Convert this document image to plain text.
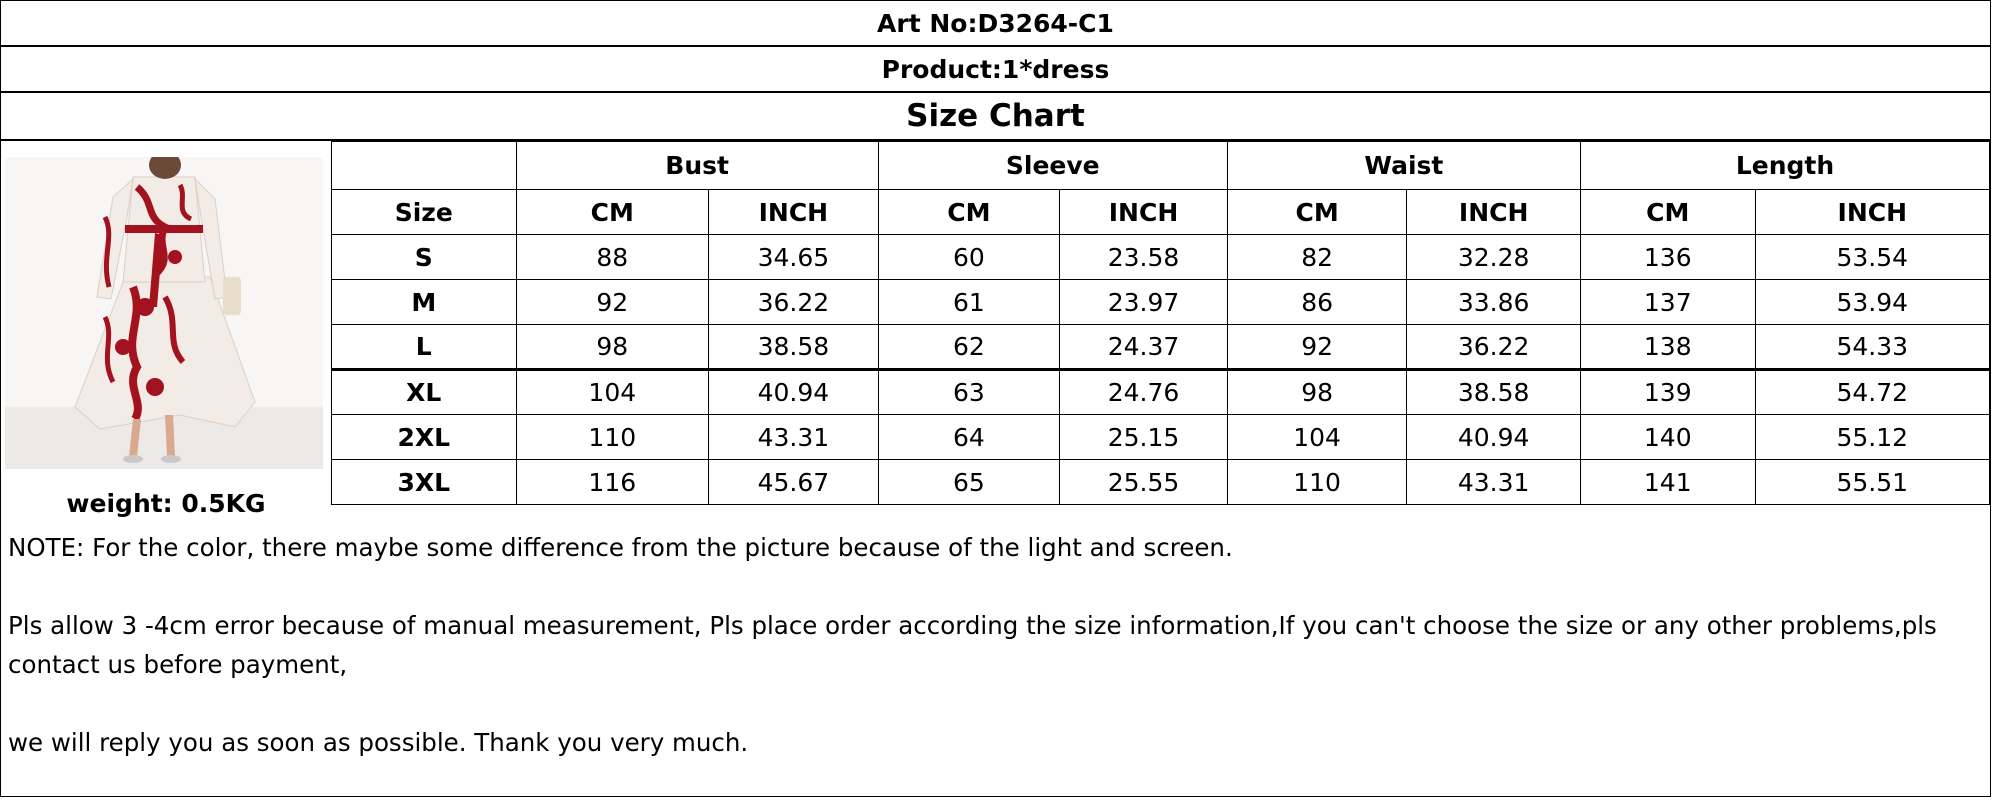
Art No:D3264-C1
Product:1*dress
Size Chart
weight: 0.5KG
	Bust		Sleeve		Waist		Length	
Size	CM	INCH	CM	INCH	CM	INCH	CM	INCH
S	88	34.65	60	23.58	82	32.28	136	53.54
M	92	36.22	61	23.97	86	33.86	137	53.94
L	98	38.58	62	24.37	92	36.22	138	54.33
XL	104	40.94	63	24.76	98	38.58	139	54.72
2XL	110	43.31	64	25.15	104	40.94	140	55.12
3XL	116	45.67	65	25.55	110	43.31	141	55.51

NOTE: For the color, there maybe some difference from the picture because of the light and screen.

Pls allow 3 -4cm error because of manual measurement, Pls place order according the size information,If you can't choose the size or any other problems,pls contact us before payment,

we will reply you as soon as possible. Thank you very much.
